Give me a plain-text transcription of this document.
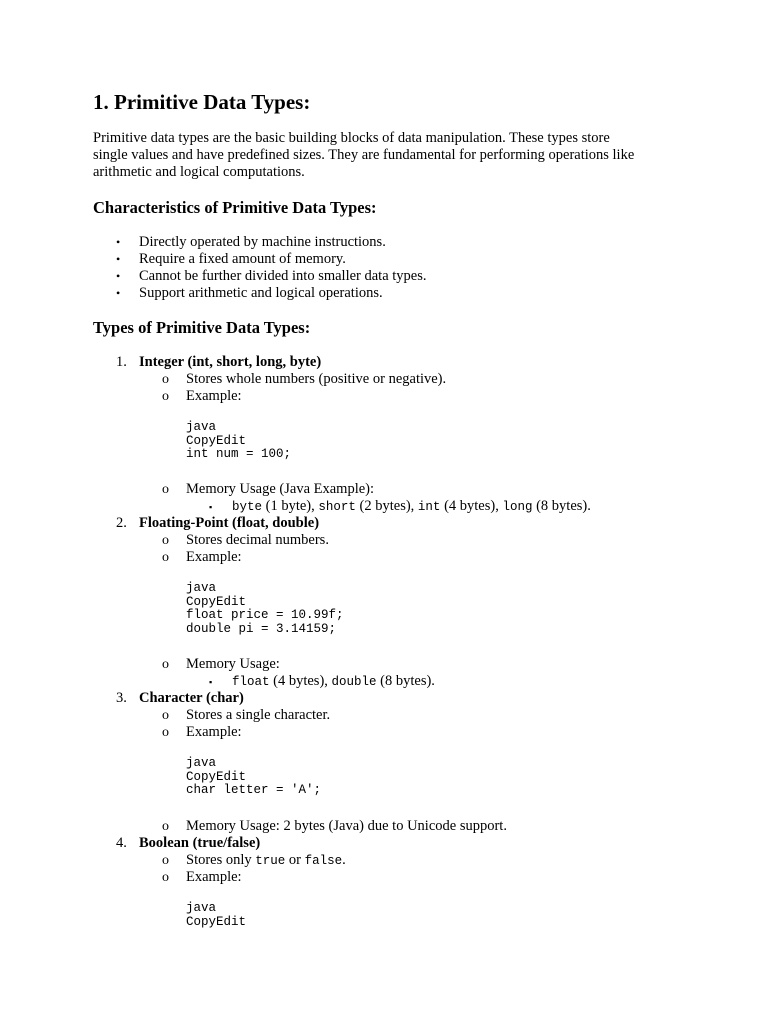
1. Primitive Data Types:
Primitive data types are the basic building blocks of data manipulation. These types store
single values and have predefined sizes. They are fundamental for performing operations like
arithmetic and logical computations.
Characteristics of Primitive Data Types:
• Directly operated by machine instructions.
• Require a fixed amount of memory.
• Cannot be further divided into smaller data types.
• Support arithmetic and logical operations.
Types of Primitive Data Types:
1. Integer (int, short, long, byte)
o Stores whole numbers (positive or negative).
o Example:
java
CopyEdit
int num = 100;
o Memory Usage (Java Example):
▪ byte (1 byte), short (2 bytes), int (4 bytes), long (8 bytes).
2. Floating-Point (float, double)
o Stores decimal numbers.
o Example:
java
CopyEdit
float price = 10.99f;
double pi = 3.14159;
o Memory Usage:
▪ float (4 bytes), double (8 bytes).
3. Character (char)
o Stores a single character.
o Example:
java
CopyEdit
char letter = 'A';
o Memory Usage: 2 bytes (Java) due to Unicode support.
4. Boolean (true/false)
o Stores only true or false.
o Example:
java
CopyEdit
